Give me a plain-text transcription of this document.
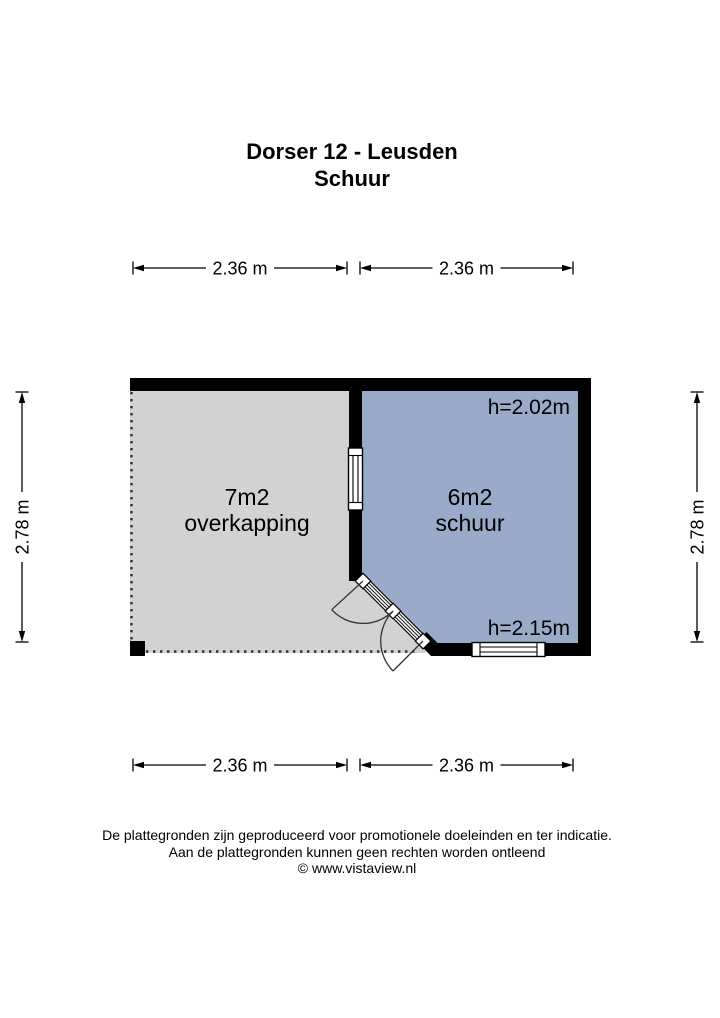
Dorser 12 - Leusden
Schuur
7m2
overkapping
6m2
schuur
h=2.02m
h=2.15m
2.36 m	2.36 m
2.36 m	2.36 m
2.78 m	2.78 m
De plattegronden zijn geproduceerd voor promotionele doeleinden en ter indicatie.
Aan de plattegronden kunnen geen rechten worden ontleend
© www.vistaview.nl
